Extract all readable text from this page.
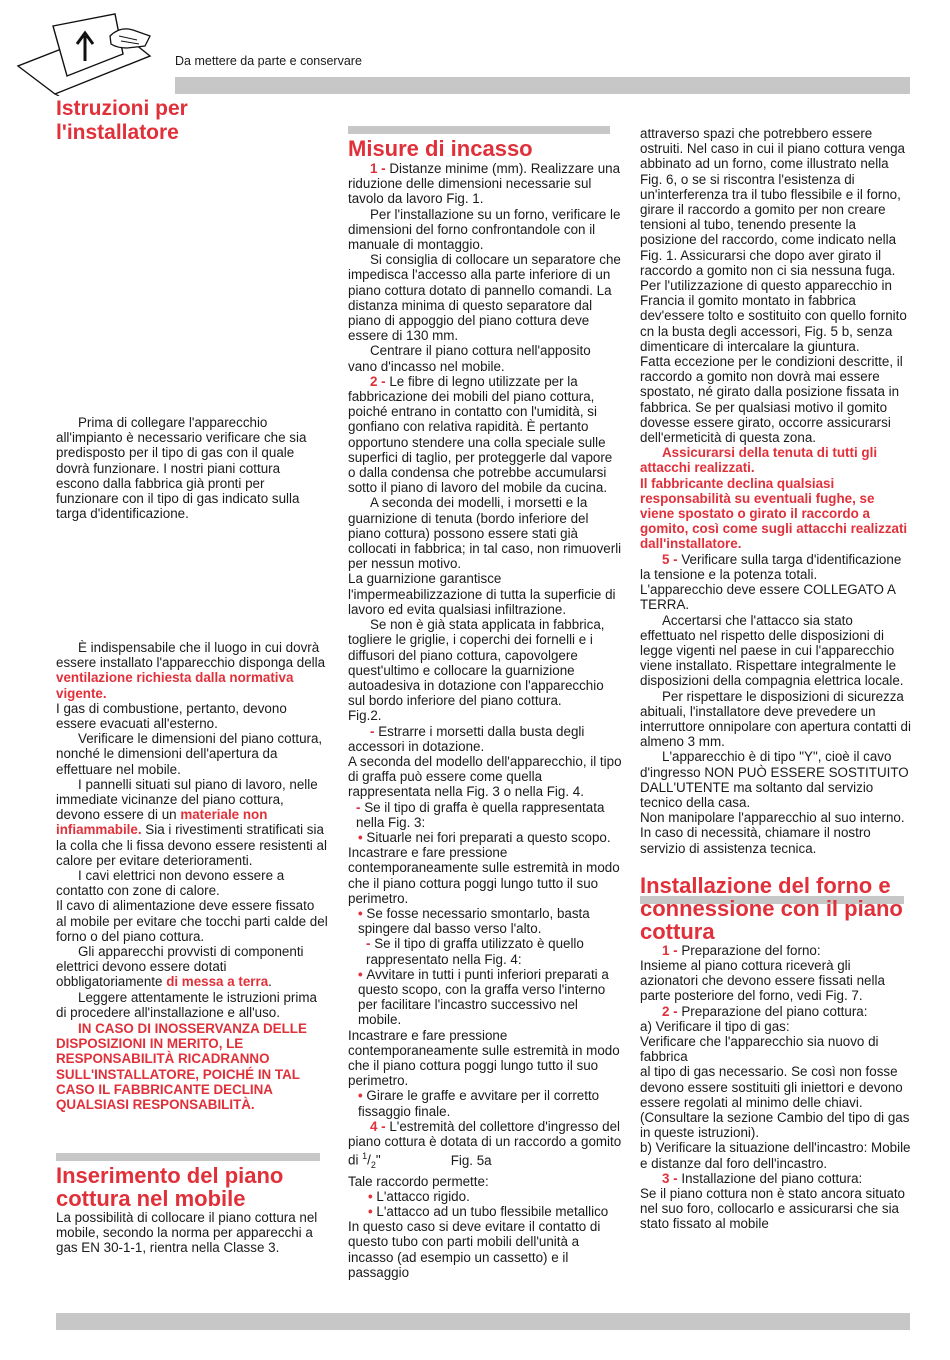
Da mettere da parte e conservare
Istruzioni per l'installatore

Prima di collegare l'apparecchio all'impianto è necessario verificare che sia predisposto per il tipo di gas con il quale dovrà funzionare. I nostri piani cottura escono dalla fabbrica già pronti per funzionare con il tipo di gas indicato sulla targa d'identificazione.

È indispensabile che il luogo in cui dovrà essere installato l'apparecchio disponga della ventilazione richiesta dalla normativa vigente.

I gas di combustione, pertanto, devono essere evacuati all'esterno.

Verificare le dimensioni del piano cottura, nonché le dimensioni dell'apertura da effettuare nel mobile.

I pannelli situati sul piano di lavoro, nelle immediate vicinanze del piano cottura, devono essere di un materiale non infiammabile. Sia i rivestimenti stratificati sia la colla che li fissa devono essere resistenti al calore per evitare deterioramenti.

I cavi elettrici non devono essere a contatto con zone di calore.

Il cavo di alimentazione deve essere fissato al mobile per evitare che tocchi parti calde del forno o del piano cottura.

Gli apparecchi provvisti di componenti elettrici devono essere dotati obbligatoriamente di messa a terra.

Leggere attentamente le istruzioni prima di procedere all'installazione e all'uso.

IN CASO DI INOSSERVANZA DELLE DISPOSIZIONI IN MERITO, LE RESPONSABILITÀ RICADRANNO SULL'INSTALLATORE, POICHÉ IN TAL CASO IL FABBRICANTE DECLINA QUALSIASI RESPONSABILITÀ.

Inserimento del piano cottura nel mobile

La possibilità di collocare il piano cottura nel mobile, secondo la norma per apparecchi a gas EN 30-1-1, rientra nella Classe 3.

Misure di incasso

1 - Distanze minime (mm). Realizzare una riduzione delle dimensioni necessarie sul tavolo da lavoro Fig. 1.

Per l'installazione su un forno, verificare le dimensioni del forno confrontandole con il manuale di montaggio.

Si consiglia di collocare un separatore che impedisca l'accesso alla parte inferiore di un piano cottura dotato di pannello comandi. La distanza minima di questo separatore dal piano di appoggio del piano cottura deve essere di 130 mm.

Centrare il piano cottura nell'apposito vano d'incasso nel mobile.

2 - Le fibre di legno utilizzate per la fabbricazione dei mobili del piano cottura, poiché entrano in contatto con l'umidità, si gonfiano con relativa rapidità. È pertanto opportuno stendere una colla speciale sulle superfici di taglio, per proteggerle dal vapore o dalla condensa che potrebbe accumularsi sotto il piano di lavoro del mobile da cucina.

A seconda dei modelli, i morsetti e la guarnizione di tenuta (bordo inferiore del piano cottura) possono essere stati già collocati in fabbrica; in tal caso, non rimuoverli per nessun motivo.

La guarnizione garantisce l'impermeabilizzazione di tutta la superficie di lavoro ed evita qualsiasi infiltrazione.

Se non è già stata applicata in fabbrica, togliere le griglie, i coperchi dei fornelli e i diffusori del piano cottura, capovolgere quest'ultimo e collocare la guarnizione autoadesiva in dotazione con l'apparecchio sul bordo inferiore del piano cottura.

Fig.2.

- Estrarre i morsetti dalla busta degli accessori in dotazione.

A seconda del modello dell'apparecchio, il tipo di graffa può essere come quella rappresentata nella Fig. 3 o nella Fig. 4.

- Se il tipo di graffa è quella rappresentata nella Fig. 3:

• Situarle nei fori preparati a questo scopo.

Incastrare e fare pressione contemporaneamente sulle estremità in modo che il piano cottura poggi lungo tutto il suo perimetro.

• Se fosse necessario smontarlo, basta spingere dal basso verso l'alto.

- Se il tipo di graffa utilizzato è quello rappresentato nella Fig. 4:

• Avvitare in tutti i punti inferiori preparati a questo scopo, con la graffa verso l'interno per facilitare l'incastro successivo nel mobile.

Incastrare e fare pressione contemporaneamente sulle estremità in modo che il piano cottura poggi lungo tutto il suo perimetro.

• Girare le graffe e avvitare per il corretto fissaggio finale.

4 - L'estremità del collettore d'ingresso del piano cottura è dotata di un raccordo a gomito di $^1/_2$"	Fig. 5a

Tale raccordo permette:

• L'attacco rigido.

• L'attacco ad un tubo flessibile metallico

In questo caso si deve evitare il contatto di questo tubo con parti mobili dell'unità a incasso (ad esempio un cassetto) e il passaggio

attraverso spazi che potrebbero essere ostruiti. Nel caso in cui il piano cottura venga abbinato ad un forno, come illustrato nella Fig. 6, o se si riscontra l'esistenza di un'interferenza tra il tubo flessibile e il forno, girare il raccordo a gomito per non creare tensioni al tubo, tenendo presente la posizione del raccordo, come indicato nella Fig. 1. Assicurarsi che dopo aver girato il raccordo a gomito non ci sia nessuna fuga.

Per l'utilizzazione di questo apparecchio in Francia il gomito montato in fabbrica dev'essere tolto e sostituito con quello fornito cn la busta degli accessori, Fig. 5 b, senza dimenticare di intercalare la giuntura.

Fatta eccezione per le condizioni descritte, il raccordo a gomito non dovrà mai essere spostato, né girato dalla posizione fissata in fabbrica. Se per qualsiasi motivo il gomito dovesse essere girato, occorre assicurarsi dell'ermeticità di questa zona.

Assicurarsi della tenuta di tutti gli attacchi realizzati.

Il fabbricante declina qualsiasi responsabilità su eventuali fughe, se viene spostato o girato il raccordo a gomito, così come sugli attacchi realizzati dall'installatore.

5 - Verificare sulla targa d'identificazione la tensione e la potenza totali.

L'apparecchio deve essere COLLEGATO A TERRA.

Accertarsi che l'attacco sia stato effettuato nel rispetto delle disposizioni di legge vigenti nel paese in cui l'apparecchio viene installato. Rispettare integralmente le disposizioni della compagnia elettrica locale.

Per rispettare le disposizioni di sicurezza abituali, l'installatore deve prevedere un interruttore onnipolare con apertura contatti di almeno 3 mm.

L'apparecchio è di tipo "Y", cioè il cavo d'ingresso NON PUÒ ESSERE SOSTITUITO DALL'UTENTE ma soltanto dal servizio tecnico della casa.

Non manipolare l'apparecchio al suo interno. In caso di necessità, chiamare il nostro servizio di assistenza tecnica.

Installazione del forno e connessione con il piano cottura

1 - Preparazione del forno:

Insieme al piano cottura riceverà gli azionatori che devono essere fissati nella parte posteriore del forno, vedi Fig. 7.

2 - Preparazione del piano cottura:

a) Verificare il tipo di gas:

Verificare che l'apparecchio sia nuovo di fabbrica

al tipo di gas necessario. Se così non fosse devono essere sostituiti gli iniettori e devono essere regolati al minimo delle chiavi. (Consultare la sezione Cambio del tipo di gas in queste istruzioni).

b) Verificare la situazione dell'incastro: Mobile e distanze dal foro dell'incastro.

3 - Installazione del piano cottura:

Se il piano cottura non è stato ancora situato nel suo foro, collocarlo e assicurarsi che sia stato fissato al mobile
